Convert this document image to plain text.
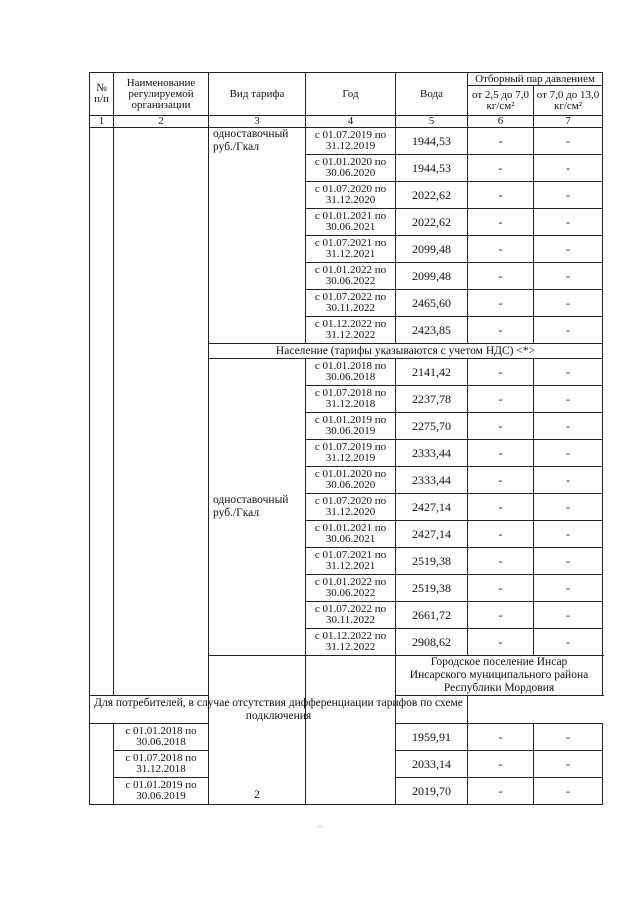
№ п/п	Наименование регулируемой организации	Вид тарифа	Год	Вода	Отборный пар давлением	
					от 2,5 до 7,0 кг/см²	от 7,0 до 13,0 кг/см²
1	2	3	4	5	6	7
		одноставочный руб./Гкал	с 01.07.2019 по 31.12.2019	1944,53	-	-
			с 01.01.2020 по 30.06.2020	1944,53	-	-
			с 01.07.2020 по 31.12.2020	2022,62	-	-
			с 01.01.2021 по 30.06.2021	2022,62	-	-
			с 01.07.2021 по 31.12.2021	2099,48	-	-
			с 01.01.2022 по 30.06.2022	2099,48	-	-
			с 01.07.2022 по 30.11.2022	2465,60	-	-
			с 01.12.2022 по 31.12.2022	2423,85	-	-
		Население (тарифы указываются с учетом НДС) <*>				
		одноставочный руб./Гкал	с 01.01.2018 по 30.06.2018	2141,42	-	-
			с 01.07.2018 по 31.12.2018	2237,78	-	-
			с 01.01.2019 по 30.06.2019	2275,70	-	-
			с 01.07.2019 по 31.12.2019	2333,44	-	-
			с 01.01.2020 по 30.06.2020	2333,44	-	-
			с 01.07.2020 по 31.12.2020	2427,14	-	-
			с 01.01.2021 по 30.06.2021	2427,14	-	-
			с 01.07.2021 по 31.12.2021	2519,38	-	-
			с 01.01.2022 по 30.06.2022	2519,38	-	-
			с 01.07.2022 по 30.11.2022	2661,72	-	-
			с 01.12.2022 по 31.12.2022	2908,62	-	-
		2		Городское поселение Инсар
Инсарского муниципального района Республики Мордовия		

Для потребителей, в случае отсутствия дифференциации тарифов по схеме подключения						
	с 01.01.2018 по 30.06.2018			1959,91	-	-
	с 01.07.2018 по 31.12.2018			2033,14	-	-
	с 01.01.2019 по 30.06.2019			2019,70	-	-
